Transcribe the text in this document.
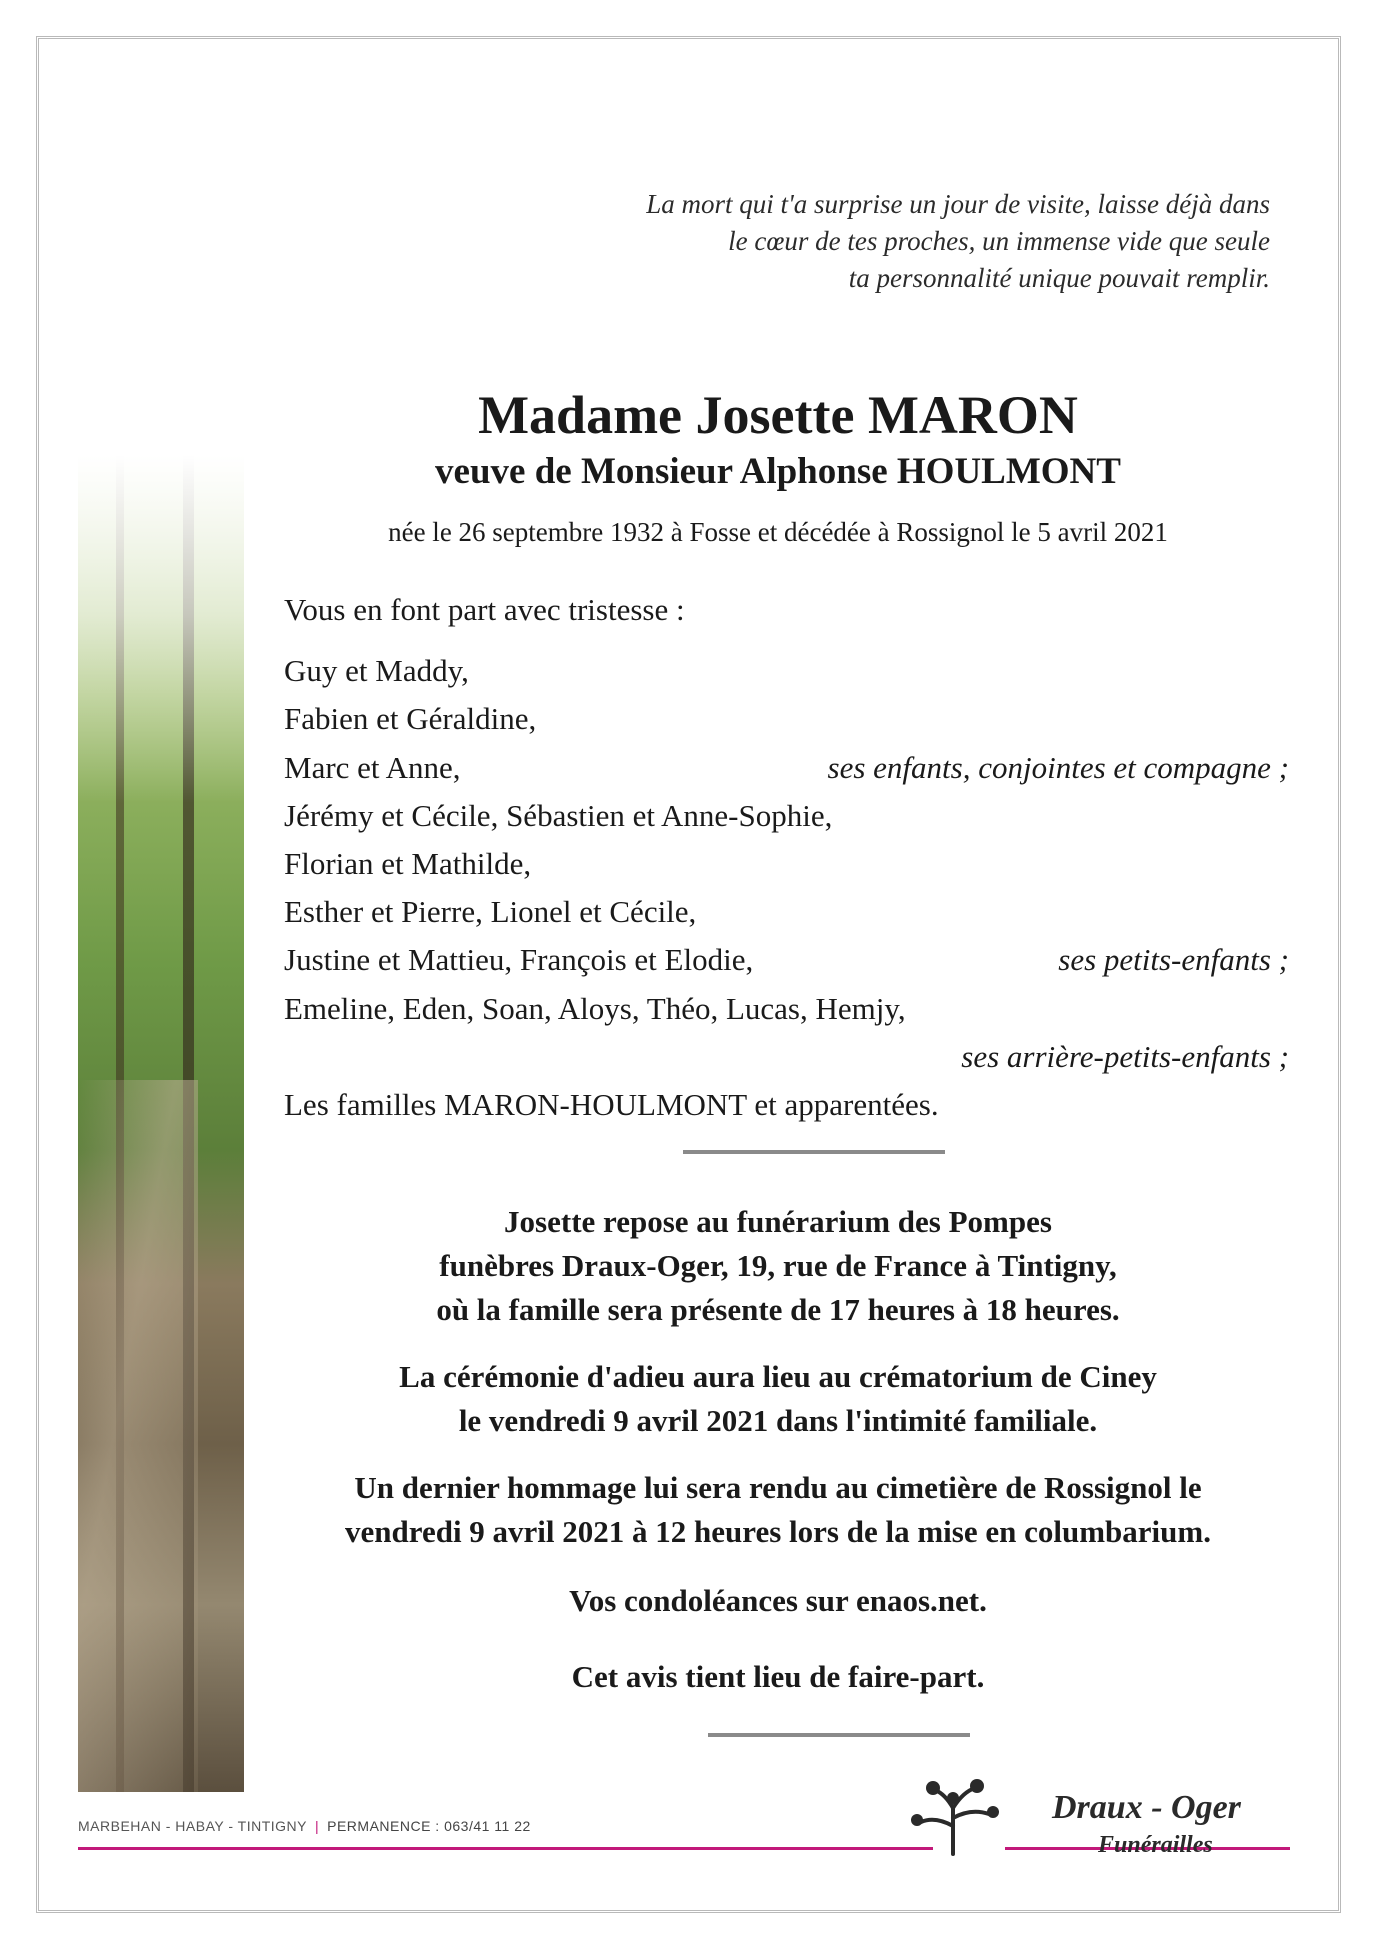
La mort qui t'a surprise un jour de visite, laisse déjà dans
le cœur de tes proches, un immense vide que seule
ta personnalité unique pouvait remplir.
Madame Josette MARON
veuve de Monsieur Alphonse HOULMONT
née le 26 septembre 1932 à Fosse et décédée à Rossignol le 5 avril 2021
Vous en font part avec tristesse :
Guy et Maddy,
Fabien et Géraldine,
Marc et Anne,	ses enfants, conjointes et compagne ;
Jérémy et Cécile, Sébastien et Anne-Sophie,
Florian et Mathilde,
Esther et Pierre, Lionel et Cécile,
Justine et Mattieu, François et Elodie,	ses petits-enfants ;
Emeline, Eden, Soan, Aloys, Théo, Lucas, Hemjy,
ses arrière-petits-enfants ;
Les familles MARON-HOULMONT et apparentées.
Josette repose au funérarium des Pompes
funèbres Draux-Oger, 19, rue de France à Tintigny,
où la famille sera présente de 17 heures à 18 heures.
La cérémonie d'adieu aura lieu au crématorium de Ciney
le vendredi 9 avril 2021 dans l'intimité familiale.
Un dernier hommage lui sera rendu au cimetière de Rossignol le
vendredi 9 avril 2021 à 12 heures lors de la mise en columbarium.
Vos condoléances sur enaos.net.
Cet avis tient lieu de faire-part.
MARBEHAN - HABAY - TINTIGNY | PERMANENCE : 063/41 11 22	Draux - Oger
Funérailles
